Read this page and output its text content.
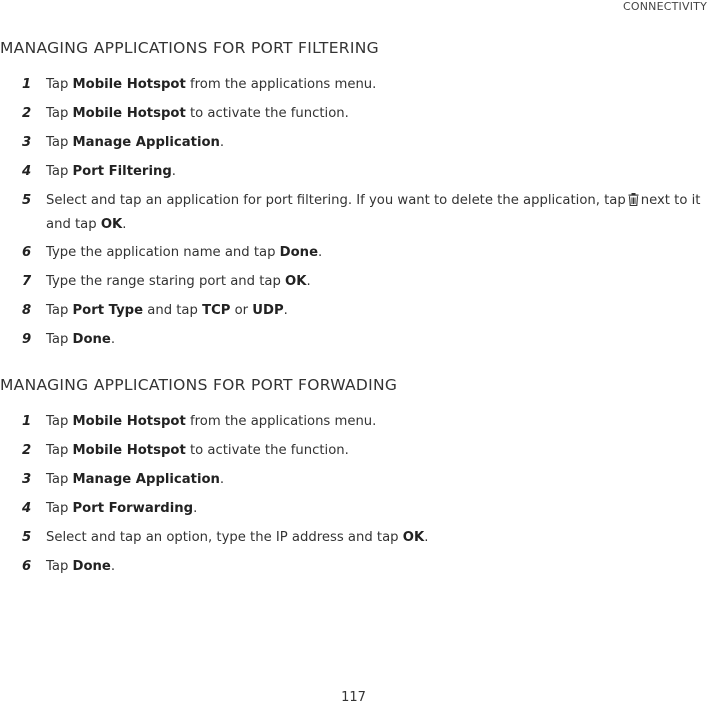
CONNECTIVITY
MANAGING APPLICATIONS FOR PORT FILTERING
1 Tap Mobile Hotspot from the applications menu.
2 Tap Mobile Hotspot to activate the function.
3 Tap Manage Application.
4 Tap Port Filtering.
5 Select and tap an application for port filtering. If you want to delete the application, tap next to it and tap OK.
6 Type the application name and tap Done.
7 Type the range staring port and tap OK.
8 Tap Port Type and tap TCP or UDP.
9 Tap Done.
MANAGING APPLICATIONS FOR PORT FORWADING
1 Tap Mobile Hotspot from the applications menu.
2 Tap Mobile Hotspot to activate the function.
3 Tap Manage Application.
4 Tap Port Forwarding.
5 Select and tap an option, type the IP address and tap OK.
6 Tap Done.
117
